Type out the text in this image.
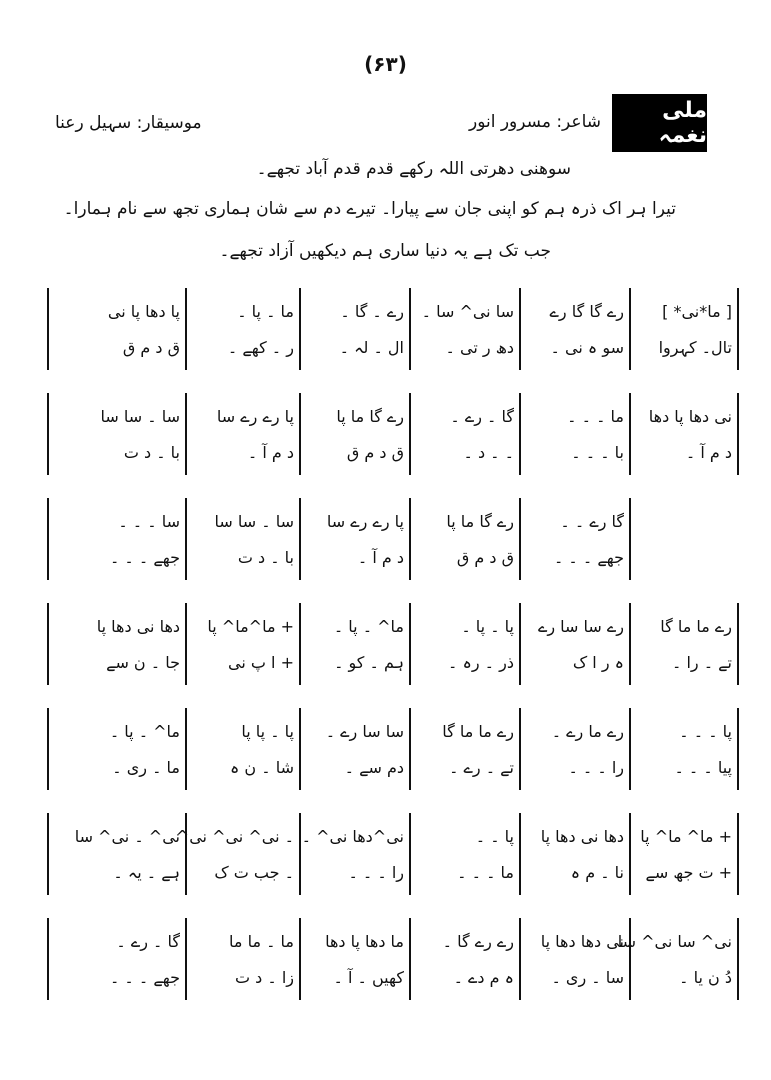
(۶۳)
ملی نغمہ
شاعر: مسرور انور
موسیقار: سہیل رعنا
سوھنی دھرتی اللہ رکھے قدم قدم آباد تجھے۔
تیرا ہر اک ذرہ ہم کو اپنی جان سے پیارا۔ تیرے دم سے شان ہماری تجھ سے نام ہمارا۔
جب تک ہے یہ دنیا ساری ہم دیکھیں آزاد تجھے۔
[ ما*نی* ]
تال۔ کہروا
رے گا گا رے
سو ہ نی ۔
سا نی^ سا ۔
دھ ر تی ۔
رے ۔ گا ۔
ال ۔ لہ ۔
ما ۔ پا ۔
ر ۔ کھے ۔
پا دھا پا نی
ق د م ق
نی دھا پا دھا
د م آ ۔
ما ۔ ۔ ۔
با ۔ ۔ ۔
گا ۔ رے ۔
۔ ۔ د ۔
رے گا ما پا
ق د م ق
پا رے رے سا
د م آ ۔
سا ۔ سا سا
با ۔ د ت
گا رے ۔ ۔
جھے ۔ ۔ ۔
رے گا ما پا
ق د م ق
پا رے رے سا
د م آ ۔
سا ۔ سا سا
با ۔ د ت
سا ۔ ۔ ۔
جھے ۔ ۔ ۔
رے ما ما گا
تے ۔ را ۔
رے سا سا رے
ہ ر ا ک
پا ۔ پا ۔
ذر ۔ رہ ۔
ما^ ۔ پا ۔
ہم ۔ کو ۔
+ ما^ما^ پا
+ ا پ نی
دھا نی دھا پا
جا ۔ ن سے
پا ۔ ۔ ۔
پیا ۔ ۔ ۔
رے ما رے ۔
را ۔ ۔ ۔
رے ما ما گا
تے ۔ رے ۔
سا سا رے ۔
دم سے ۔
پا ۔ پا پا
شا ۔ ن ہ
ما^ ۔ پا ۔
ما ۔ ری ۔
+ ما^ ما^ پا
+ ت جھ سے
دھا نی دھا پا
نا ۔ م ہ
پا ۔ ۔
ما ۔ ۔ ۔
نی^دھا نی^ ۔
را ۔ ۔ ۔
۔ نی^ نی^ نی^
۔ جب ت ک
نی^ ۔ نی^ سا
ہے ۔ یہ ۔
نی^ سا نی^ سا
دُ ن یا ۔
نی دھا دھا پا
سا ۔ ری ۔
رے رے گا ۔
ہ م دے ۔
ما دھا پا دھا
کھیں ۔ آ ۔
ما ۔ ما ما
زا ۔ د ت
گا ۔ رے ۔
جھے ۔ ۔ ۔
